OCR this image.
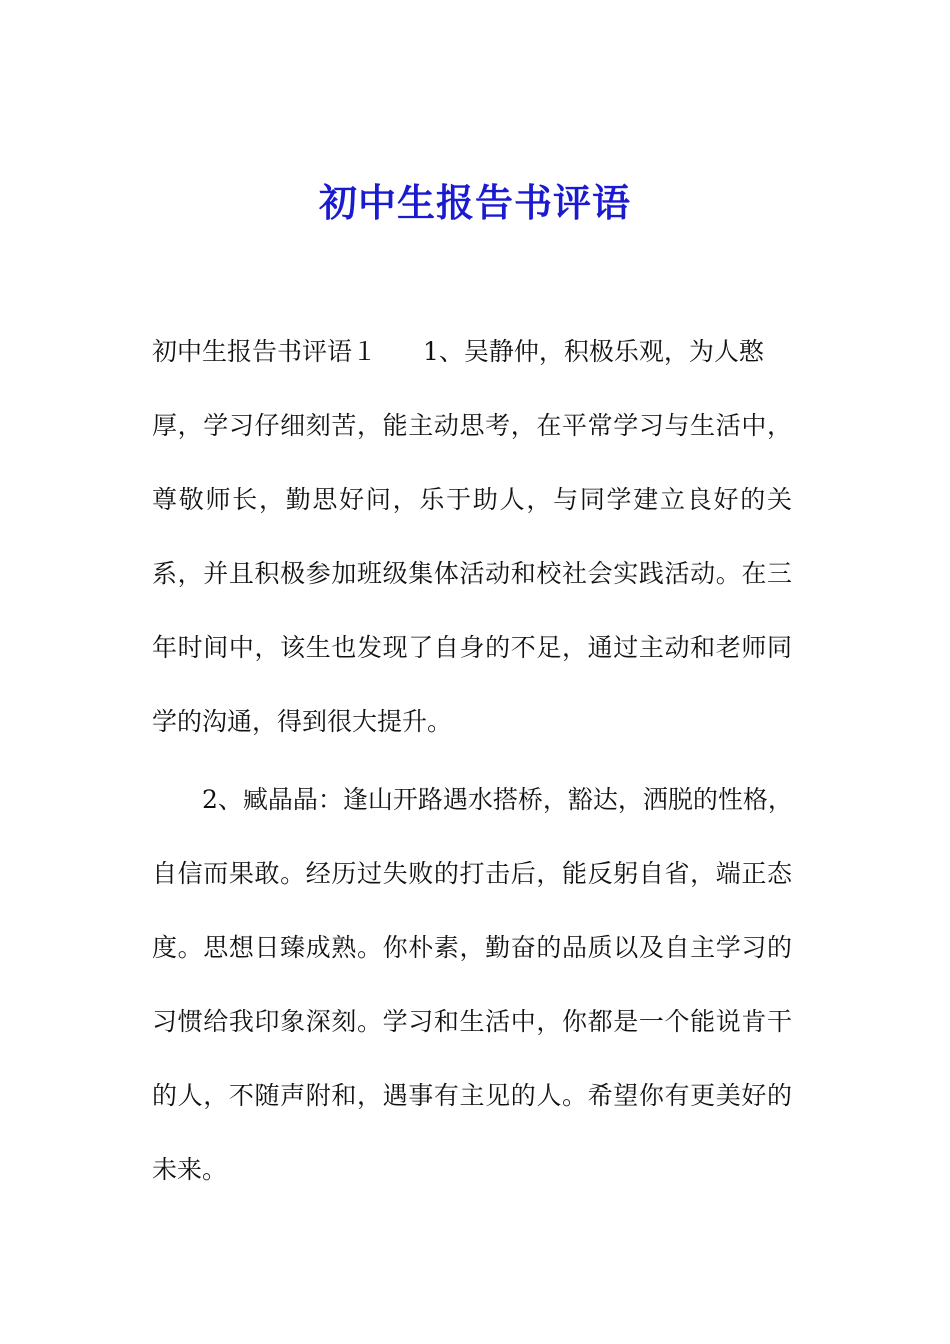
初中生报告书评语

初中生报告书评语１ 1、吴静仲，积极乐观，为人憨

厚，学习仔细刻苦，能主动思考，在平常学习与生活中，

尊敬师长，勤思好问，乐于助人，与同学建立良好的关

系，并且积极参加班级集体活动和校社会实践活动。在三

年时间中，该生也发现了自身的不足，通过主动和老师同

学的沟通，得到很大提升。

2、臧晶晶：逢山开路遇水搭桥，豁达，洒脱的性格，

自信而果敢。经历过失败的打击后，能反躬自省，端正态

度。思想日臻成熟。你朴素，勤奋的品质以及自主学习的

习惯给我印象深刻。学习和生活中，你都是一个能说肯干

的人，不随声附和，遇事有主见的人。希望你有更美好的

未来。
